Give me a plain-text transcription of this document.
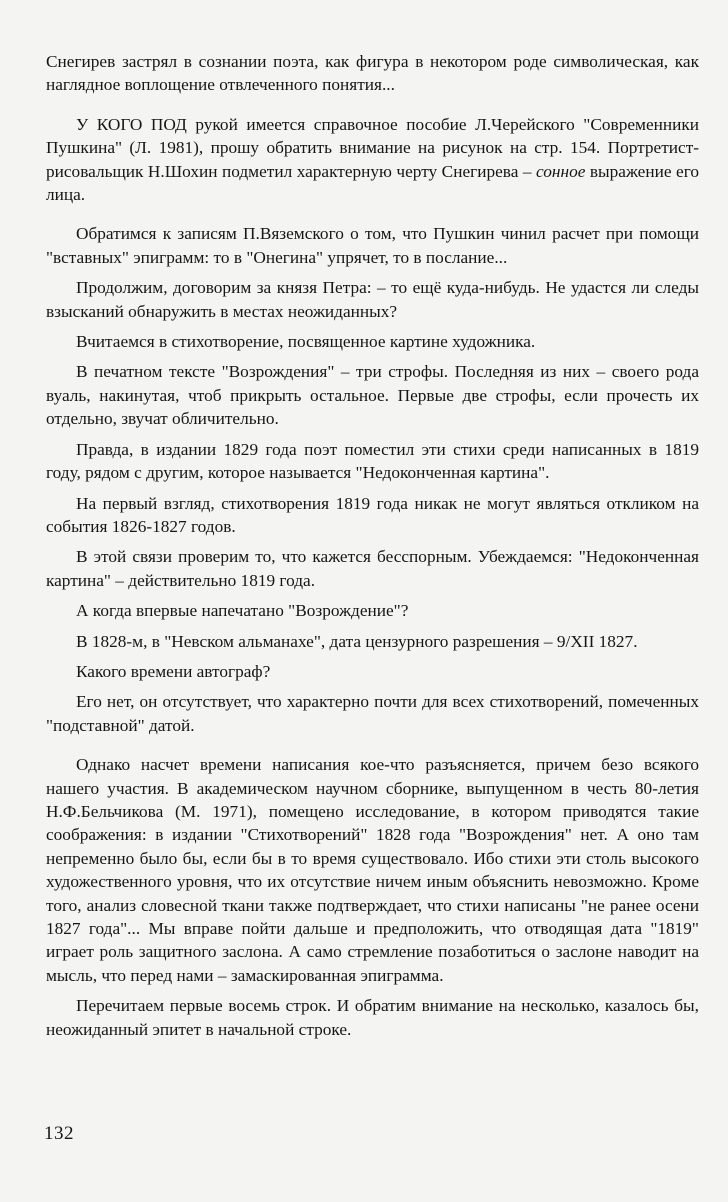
Снегирев застрял в сознании поэта, как фигура в некотором роде символическая, как наглядное воплощение отвлеченного понятия...

У КОГО ПОД рукой имеется справочное пособие Л.Черейского "Современники Пушкина" (Л. 1981), прошу обратить внимание на рисунок на стр. 154. Портретист-рисовальщик Н.Шохин подметил характерную черту Снегирева – сонное выражение его лица.

Обратимся к записям П.Вяземского о том, что Пушкин чинил расчет при помощи "вставных" эпиграмм: то в "Онегина" упрячет, то в послание...

Продолжим, договорим за князя Петра: – то ещё куда-нибудь. Не удастся ли следы взысканий обнаружить в местах неожиданных?

Вчитаемся в стихотворение, посвященное картине художника.

В печатном тексте "Возрождения" – три строфы. Последняя из них – своего рода вуаль, накинутая, чтоб прикрыть остальное. Первые две строфы, если прочесть их отдельно, звучат обличительно.

Правда, в издании 1829 года поэт поместил эти стихи среди написанных в 1819 году, рядом с другим, которое называется "Недоконченная картина".

На первый взгляд, стихотворения 1819 года никак не могут являться откликом на события 1826-1827 годов.

В этой связи проверим то, что кажется бесспорным. Убеждаемся: "Недоконченная картина" – действительно 1819 года.

А когда впервые напечатано "Возрождение"?

В 1828-м, в "Невском альманахе", дата цензурного разрешения – 9/XII 1827.

Какого времени автограф?

Его нет, он отсутствует, что характерно почти для всех стихотворений, помеченных "подставной" датой.

Однако насчет времени написания кое-что разъясняется, причем безо всякого нашего участия. В академическом научном сборнике, выпущенном в честь 80-летия Н.Ф.Бельчикова (М. 1971), помещено исследование, в котором приводятся такие соображения: в издании "Стихотворений" 1828 года "Возрождения" нет. А оно там непременно было бы, если бы в то время существовало. Ибо стихи эти столь высокого художественного уровня, что их отсутствие ничем иным объяснить невозможно. Кроме того, анализ словесной ткани также подтверждает, что стихи написаны "не ранее осени 1827 года"... Мы вправе пойти дальше и предположить, что отводящая дата "1819" играет роль защитного заслона. А само стремление позаботиться о заслоне наводит на мысль, что перед нами – замаскированная эпиграмма.

Перечитаем первые восемь строк. И обратим внимание на несколько, казалось бы, неожиданный эпитет в начальной строке.

132
